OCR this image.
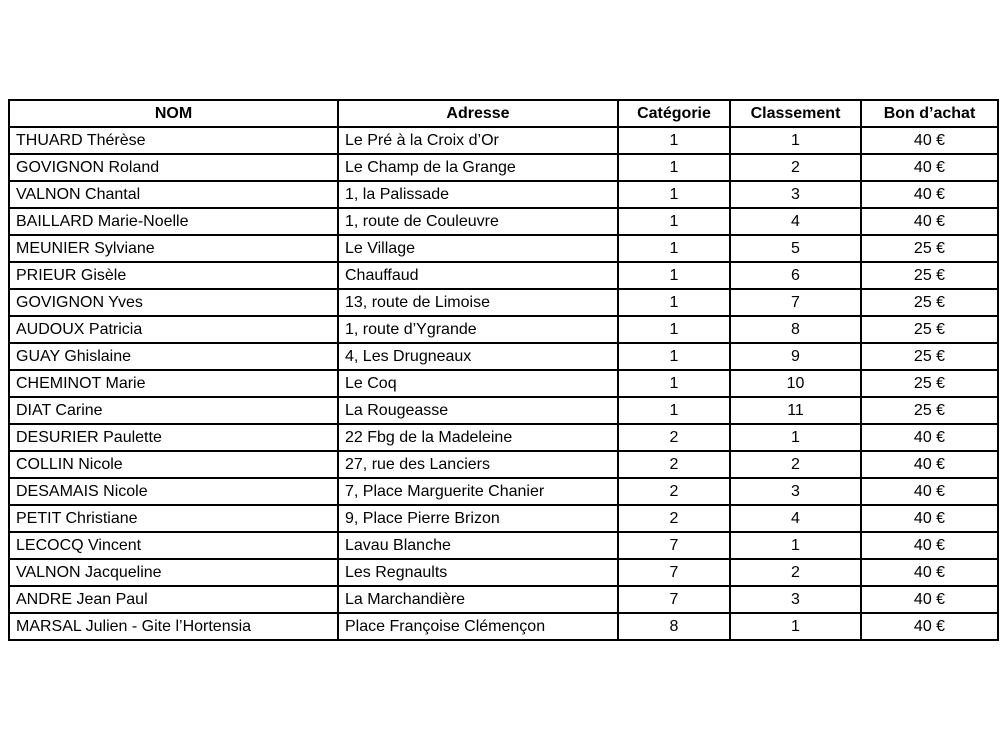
NOM	Adresse	Catégorie	Classement	Bon d’achat
THUARD Thérèse	Le Pré à la Croix d’Or	1	1	40 €
GOVIGNON Roland	Le Champ de la Grange	1	2	40 €
VALNON Chantal	1, la Palissade	1	3	40 €
BAILLARD Marie-Noelle	1, route de Couleuvre	1	4	40 €
MEUNIER Sylviane	Le Village	1	5	25 €
PRIEUR Gisèle	Chauffaud	1	6	25 €
GOVIGNON Yves	13, route de Limoise	1	7	25 €
AUDOUX Patricia	1, route d’Ygrande	1	8	25 €
GUAY Ghislaine	4, Les Drugneaux	1	9	25 €
CHEMINOT Marie	Le Coq	1	10	25 €
DIAT Carine	La Rougeasse	1	11	25 €
DESURIER Paulette	22 Fbg de la Madeleine	2	1	40 €
COLLIN Nicole	27, rue des Lanciers	2	2	40 €
DESAMAIS Nicole	7, Place Marguerite Chanier	2	3	40 €
PETIT Christiane	9, Place Pierre Brizon	2	4	40 €
LECOCQ Vincent	Lavau Blanche	7	1	40 €
VALNON Jacqueline	Les Regnaults	7	2	40 €
ANDRE Jean Paul	La Marchandière	7	3	40 €
MARSAL Julien - Gite l’Hortensia	Place Françoise Clémençon	8	1	40 €
